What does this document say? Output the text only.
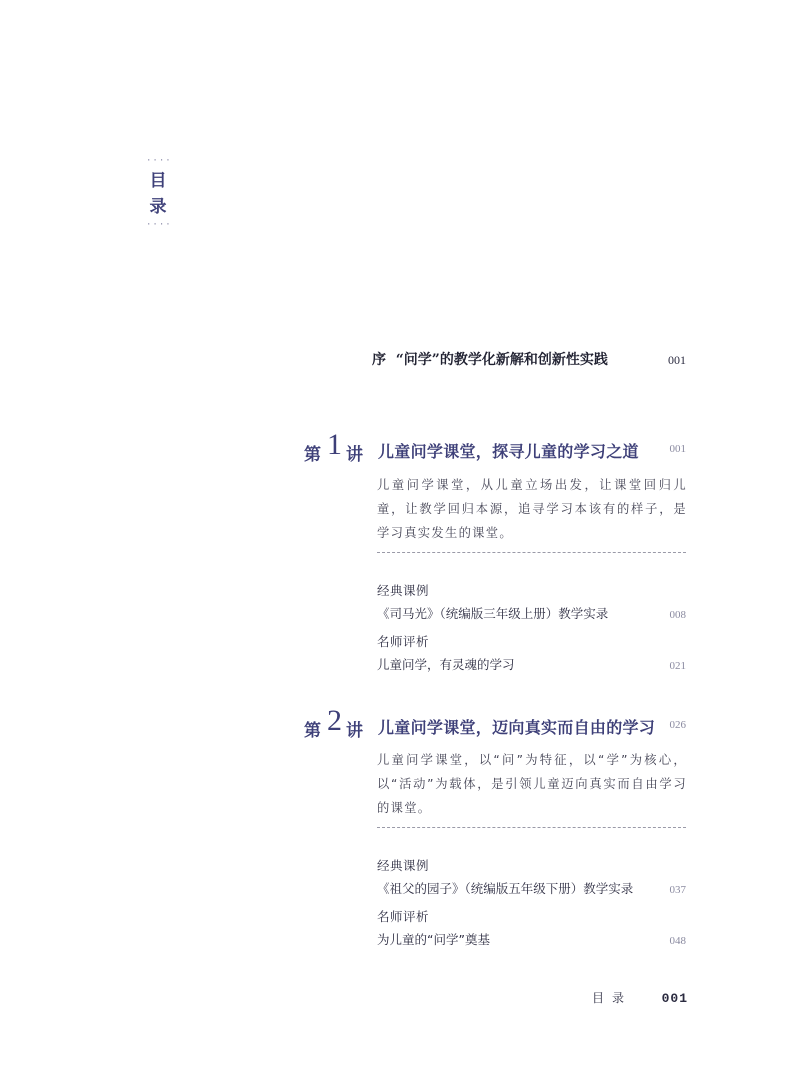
····
目
录
····
序  “问学”的教学化新解和创新性实践	001
第 1 讲 儿童问学课堂，探寻儿童的学习之道	001
儿童问学课堂，从儿童立场出发，让课堂回归儿童，让教学回归本源，追寻学习本该有的样子，是学习真实发生的课堂。
经典课例
《司马光》（统编版三年级上册）教学实录	008
名师评析
儿童问学，有灵魂的学习	021
第 2 讲 儿童问学课堂，迈向真实而自由的学习 026
儿童问学课堂，以“问”为特征，以“学”为核心，以“活动”为载体，是引领儿童迈向真实而自由学习的课堂。
经典课例
《祖父的园子》（统编版五年级下册）教学实录	037
名师评析
为儿童的“问学”奠基	048
目录 001
